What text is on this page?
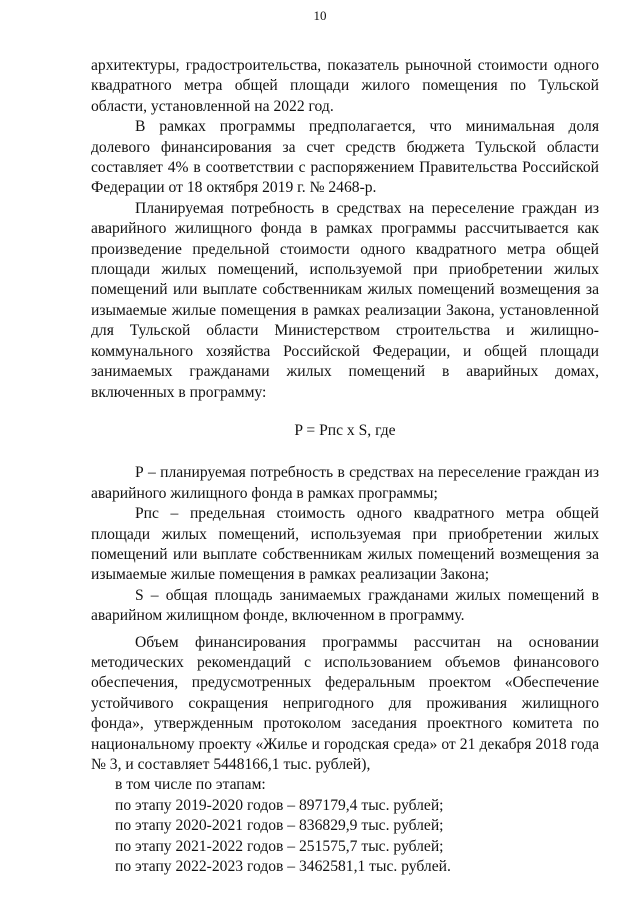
10

архитектуры, градостроительства, показатель рыночной стоимости одного квадратного метра общей площади жилого помещения по Тульской области, установленной на 2022 год.

В рамках программы предполагается, что минимальная доля долевого финансирования за счет средств бюджета Тульской области составляет 4% в соответствии с распоряжением Правительства Российской Федерации от 18 октября 2019 г. № 2468-р.

Планируемая потребность в средствах на переселение граждан из аварийного жилищного фонда в рамках программы рассчитывается как произведение предельной стоимости одного квадратного метра общей площади жилых помещений, используемой при приобретении жилых помещений или выплате собственникам жилых помещений возмещения за изымаемые жилые помещения в рамках реализации Закона, установленной для Тульской области Министерством строительства и жилищно-коммунального хозяйства Российской Федерации, и общей площади занимаемых гражданами жилых помещений в аварийных домах, включенных в программу:

P = Pпс x S, где

Р – планируемая потребность в средствах на переселение граждан из аварийного жилищного фонда в рамках программы;

Рпс – предельная стоимость одного квадратного метра общей площади жилых помещений, используемая при приобретении жилых помещений или выплате собственникам жилых помещений возмещения за изымаемые жилые помещения в рамках реализации Закона;

S – общая площадь занимаемых гражданами жилых помещений в аварийном жилищном фонде, включенном в программу.

Объем финансирования программы рассчитан на основании методических рекомендаций с использованием объемов финансового обеспечения, предусмотренных федеральным проектом «Обеспечение устойчивого сокращения непригодного для проживания жилищного фонда», утвержденным протоколом заседания проектного комитета по национальному проекту «Жилье и городская среда» от 21 декабря 2018 года № 3, и составляет 5448166,1 тыс. рублей),

в том числе по этапам:

по этапу 2019-2020 годов – 897179,4 тыс. рублей;

по этапу 2020-2021 годов – 836829,9 тыс. рублей;

по этапу 2021-2022 годов – 251575,7 тыс. рублей;

по этапу 2022-2023 годов – 3462581,1 тыс. рублей.
